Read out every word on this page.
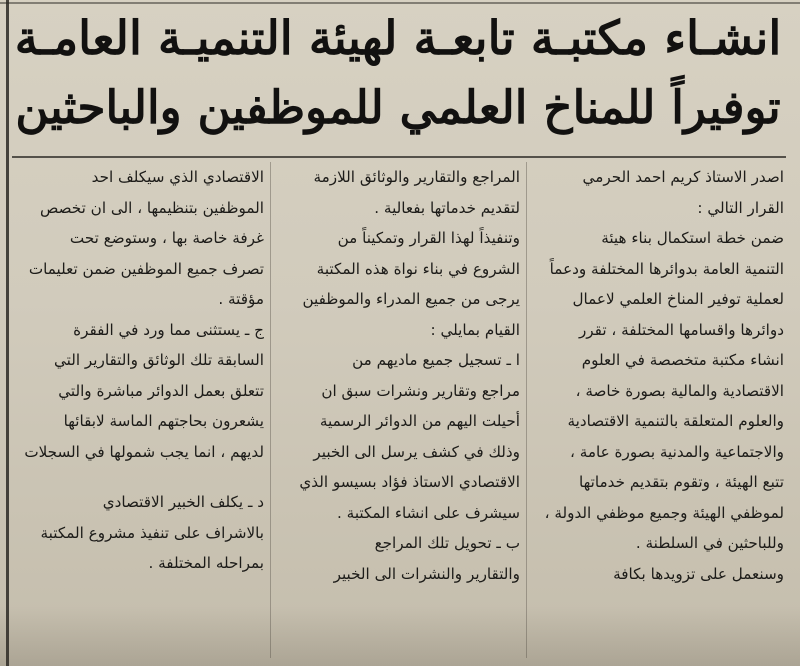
انشـاء مكتبـة تابعـة لهيئة التنميـة العامـة
توفيراً للمناخ العلمي للموظفين والباحثين

اصدر الاستاذ كريم احمد الحرمي

القرار التالي :

ضمن خطة استكمال بناء هيئة

التنمية العامة بدوائرها المختلفة ودعماً

لعملية توفير المناخ العلمي لاعمال

دوائرها واقسامها المختلفة ، تقرر

انشاء مكتبة متخصصة في العلوم

الاقتصادية والمالية بصورة خاصة ،

والعلوم المتعلقة بالتنمية الاقتصادية

والاجتماعية والمدنية بصورة عامة ،

تتبع الهيئة ، وتقوم بتقديم خدماتها

لموظفي الهيئة وجميع موظفي الدولة ،

وللباحثين في السلطنة .

وسنعمل على تزويدها بكافة

المراجع والتقارير والوثائق اللازمة

لتقديم خدماتها بفعالية .

وتنفيذاً لهذا القرار وتمكيناً من

الشروع في بناء نواة هذه المكتبة

يرجى من جميع المدراء والموظفين

القيام بمايلي :

ا ـ تسجيل جميع ماديهم من

مراجع وتقارير ونشرات سبق ان

أحيلت اليهم من الدوائر الرسمية

وذلك في كشف يرسل الى الخبير

الاقتصادي الاستاذ فؤاد بسيسو الذي

سيشرف على انشاء المكتبة .

ب ـ تحويل تلك المراجع

والتقارير والنشرات الى الخبير

الاقتصادي الذي سيكلف احد

الموظفين بتنظيمها ، الى ان تخصص

غرفة خاصة بها ، وستوضع تحت

تصرف جميع الموظفين ضمن تعليمات

مؤقتة .

ج ـ يستثنى مما ورد في الفقرة

السابقة تلك الوثائق والتقارير التي

تتعلق بعمل الدوائر مباشرة والتي

يشعرون بحاجتهم الماسة لابقائها

لديهم ، انما يجب شمولها في السجلات

د ـ يكلف الخبير الاقتصادي

بالاشراف على تنفيذ مشروع المكتبة

بمراحله المختلفة .
